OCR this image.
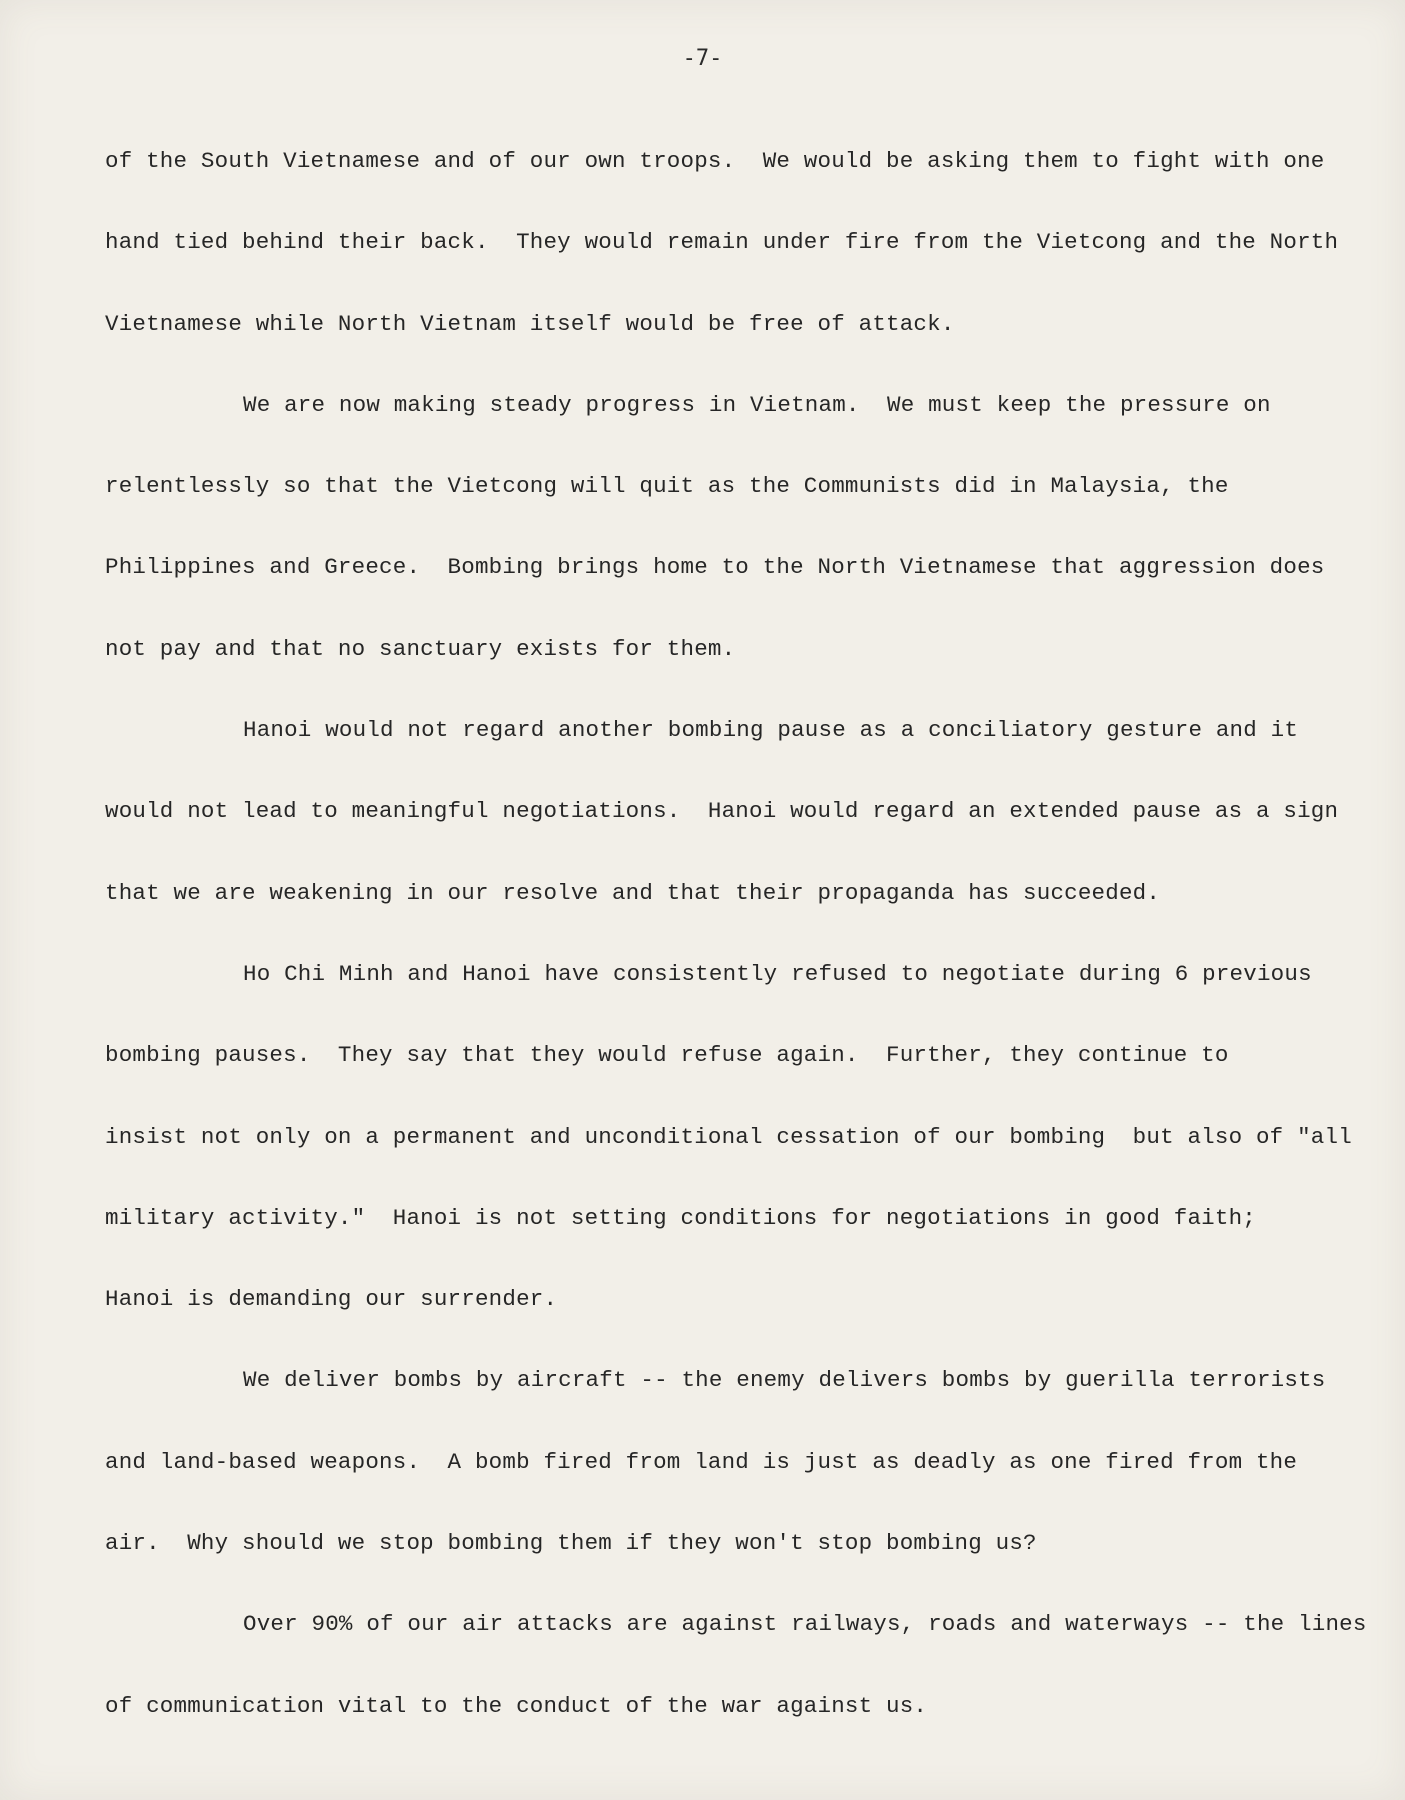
-7-
of the South Vietnamese and of our own troops.  We would be asking them to fight with one
hand tied behind their back.  They would remain under fire from the Vietcong and the North
Vietnamese while North Vietnam itself would be free of attack.
We are now making steady progress in Vietnam.  We must keep the pressure on
relentlessly so that the Vietcong will quit as the Communists did in Malaysia, the
Philippines and Greece.  Bombing brings home to the North Vietnamese that aggression does
not pay and that no sanctuary exists for them.
Hanoi would not regard another bombing pause as a conciliatory gesture and it
would not lead to meaningful negotiations.  Hanoi would regard an extended pause as a sign
that we are weakening in our resolve and that their propaganda has succeeded.
Ho Chi Minh and Hanoi have consistently refused to negotiate during 6 previous
bombing pauses.  They say that they would refuse again.  Further, they continue to
insist not only on a permanent and unconditional cessation of our bombing  but also of "all
military activity."  Hanoi is not setting conditions for negotiations in good faith;
Hanoi is demanding our surrender.
We deliver bombs by aircraft -- the enemy delivers bombs by guerilla terrorists
and land-based weapons.  A bomb fired from land is just as deadly as one fired from the
air.  Why should we stop bombing them if they won't stop bombing us?
Over 90% of our air attacks are against railways, roads and waterways -- the lines
of communication vital to the conduct of the war against us.
